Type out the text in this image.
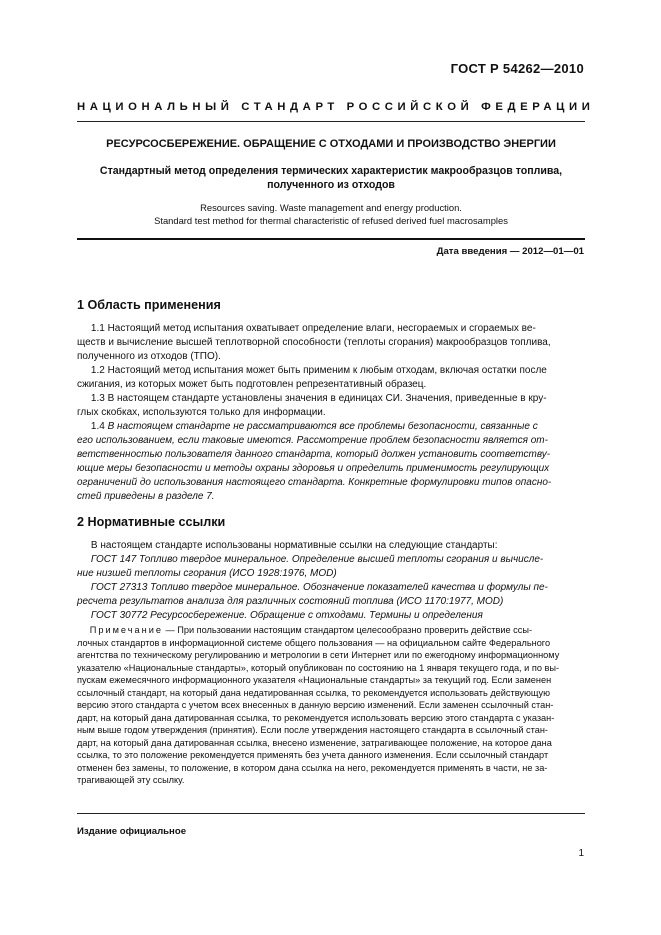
ГОСТ Р 54262—2010
НАЦИОНАЛЬНЫЙ СТАНДАРТ РОССИЙСКОЙ ФЕДЕРАЦИИ
РЕСУРСОСБЕРЕЖЕНИЕ. ОБРАЩЕНИЕ С ОТХОДАМИ И ПРОИЗВОДСТВО ЭНЕРГИИ
Стандартный метод определения термических характеристик макрообразцов топлива,
полученного из отходов
Resources saving. Waste management and energy production.
Standard test method for thermal characteristic of refused derived fuel macrosamples
Дата введения — 2012—01—01
1 Область применения
1.1 Настоящий метод испытания охватывает определение влаги, несгораемых и сгораемых ве-
ществ и вычисление высшей теплотворной способности (теплоты сгорания) макрообразцов топлива,
полученного из отходов (ТПО).
1.2 Настоящий метод испытания может быть применим к любым отходам, включая остатки после
сжигания, из которых может быть подготовлен репрезентативный образец.
1.3 В настоящем стандарте установлены значения в единицах СИ. Значения, приведенные в кру-
глых скобках, используются только для информации.
1.4 В настоящем стандарте не рассматриваются все проблемы безопасности, связанные с
его использованием, если таковые имеются. Рассмотрение проблем безопасности является от-
ветственностью пользователя данного стандарта, который должен установить соответству-
ющие меры безопасности и методы охраны здоровья и определить применимость регулирующих
ограничений до использования настоящего стандарта. Конкретные формулировки типов опасно-
стей приведены в разделе 7.
2 Нормативные ссылки
В настоящем стандарте использованы нормативные ссылки на следующие стандарты:
ГОСТ 147 Топливо твердое минеральное. Определение высшей теплоты сгорания и вычисле-
ние низшей теплоты сгорания (ИСО 1928:1976, MOD)
ГОСТ 27313 Топливо твердое минеральное. Обозначение показателей качества и формулы пе-
ресчета результатов анализа для различных состояний топлива (ИСО 1170:1977, MOD)
ГОСТ 30772 Ресурсосбережение. Обращение с отходами. Термины и определения
Примечание — При пользовании настоящим стандартом целесообразно проверить действие ссы-
лочных стандартов в информационной системе общего пользования — на официальном сайте Федерального
агентства по техническому регулированию и метрологии в сети Интернет или по ежегодному информационному
указателю «Национальные стандарты», который опубликован по состоянию на 1 января текущего года, и по вы-
пускам ежемесячного информационного указателя «Национальные стандарты» за текущий год. Если заменен
ссылочный стандарт, на который дана недатированная ссылка, то рекомендуется использовать действующую
версию этого стандарта с учетом всех внесенных в данную версию изменений. Если заменен ссылочный стан-
дарт, на который дана датированная ссылка, то рекомендуется использовать версию этого стандарта с указан-
ным выше годом утверждения (принятия). Если после утверждения настоящего стандарта в ссылочный стан-
дарт, на который дана датированная ссылка, внесено изменение, затрагивающее положение, на которое дана
ссылка, то это положение рекомендуется применять без учета данного изменения. Если ссылочный стандарт
отменен без замены, то положение, в котором дана ссылка на него, рекомендуется применять в части, не за-
трагивающей эту ссылку.
Издание официальное
1
